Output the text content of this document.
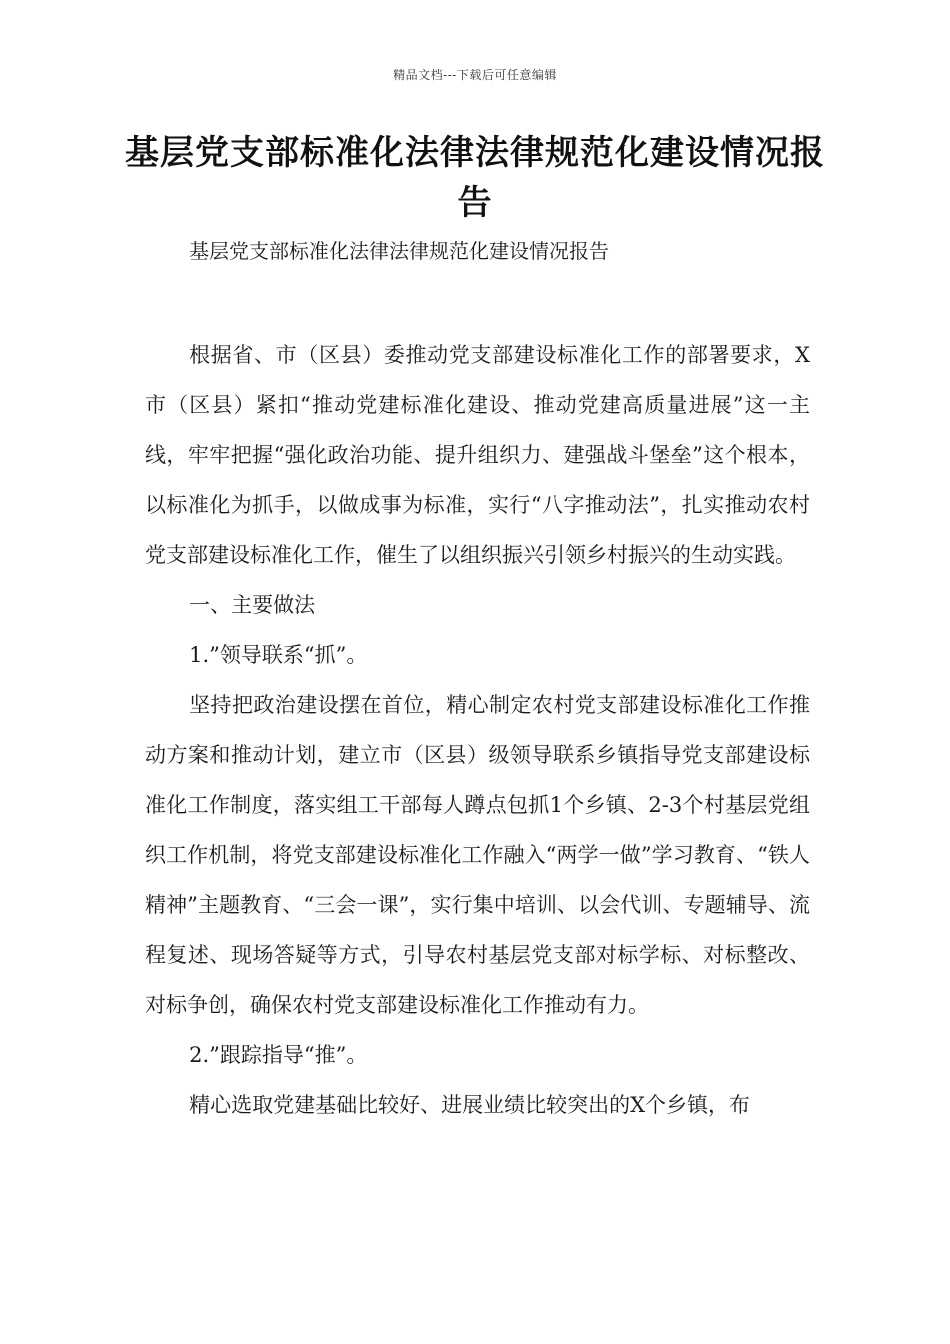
精品文档---下载后可任意编辑
基层党支部标准化法律法律规范化建设情况报告
基层党支部标准化法律法律规范化建设情况报告

根据省、市（区县）委推动党支部建设标准化工作的部署要求，X市（区县）紧扣“推动党建标准化建设、推动党建高质量进展”这一主线，牢牢把握“强化政治功能、提升组织力、建强战斗堡垒”这个根本，以标准化为抓手，以做成事为标准，实行“八字推动法”，扎实推动农村党支部建设标准化工作，催生了以组织振兴引领乡村振兴的生动实践。

一、主要做法

1.”领导联系“抓”。

坚持把政治建设摆在首位，精心制定农村党支部建设标准化工作推动方案和推动计划，建立市（区县）级领导联系乡镇指导党支部建设标准化工作制度，落实组工干部每人蹲点包抓1个乡镇、2-3个村基层党组织工作机制，将党支部建设标准化工作融入“两学一做”学习教育、“铁人精神”主题教育、“三会一课”，实行集中培训、以会代训、专题辅导、流程复述、现场答疑等方式，引导农村基层党支部对标学标、对标整改、对标争创，确保农村党支部建设标准化工作推动有力。

2.”跟踪指导“推”。

精心选取党建基础比较好、进展业绩比较突出的X个乡镇，布
